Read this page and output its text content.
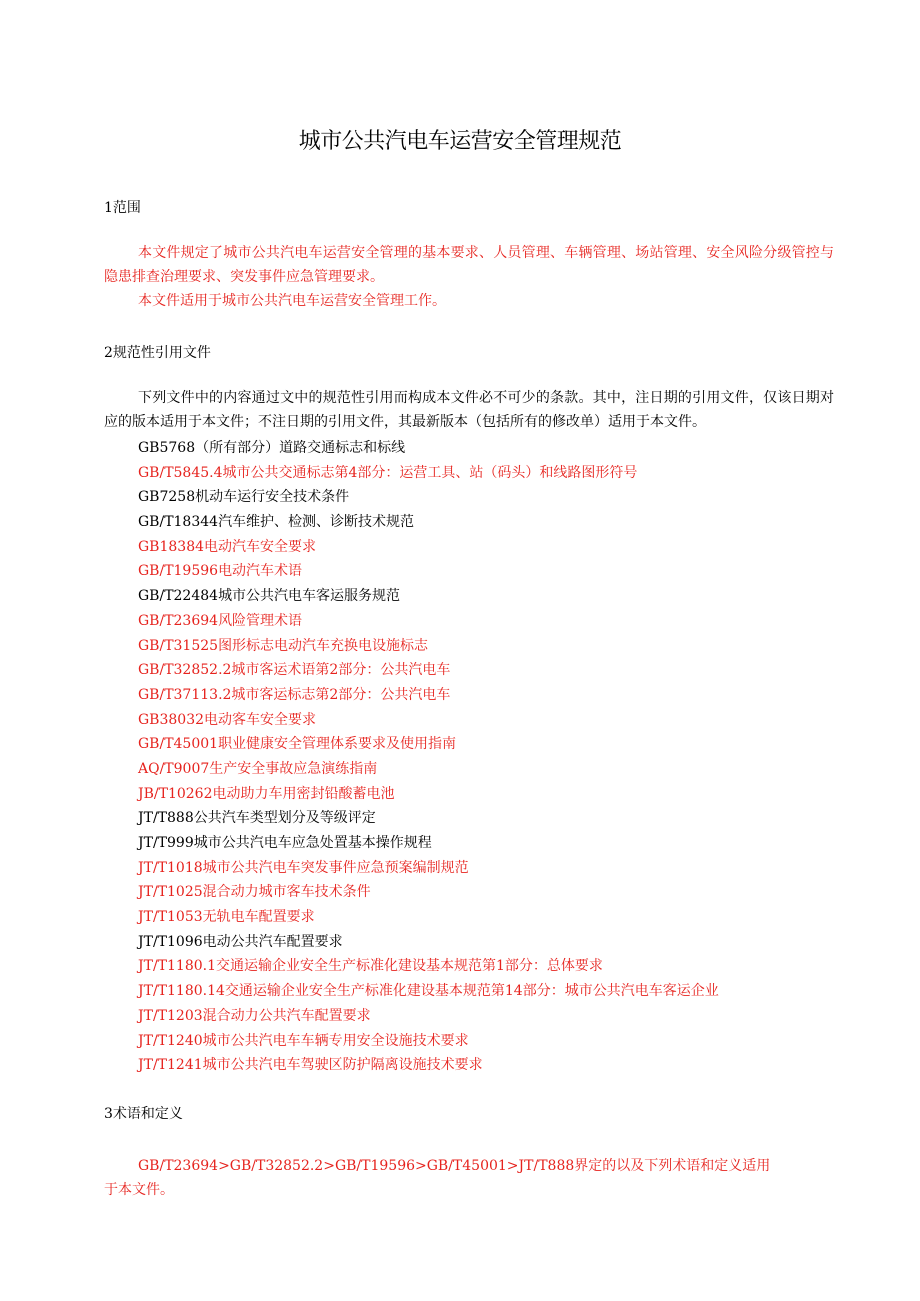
城市公共汽电车运营安全管理规范
1范围
本文件规定了城市公共汽电车运营安全管理的基本要求、人员管理、车辆管理、场站管理、安全风险分级管控与隐患排查治理要求、突发事件应急管理要求。
本文件适用于城市公共汽电车运营安全管理工作。
2规范性引用文件
下列文件中的内容通过文中的规范性引用而构成本文件必不可少的条款。其中，注日期的引用文件，仅该日期对应的版本适用于本文件；不注日期的引用文件，其最新版本（包括所有的修改单）适用于本文件。
GB5768（所有部分）道路交通标志和标线
GB/T5845.4城市公共交通标志第4部分：运营工具、站（码头）和线路图形符号
GB7258机动车运行安全技术条件
GB/T18344汽车维护、检测、诊断技术规范
GB18384电动汽车安全要求
GB/T19596电动汽车术语
GB/T22484城市公共汽电车客运服务规范
GB/T23694风险管理术语
GB/T31525图形标志电动汽车充换电设施标志
GB/T32852.2城市客运术语第2部分：公共汽电车
GB/T37113.2城市客运标志第2部分：公共汽电车
GB38032电动客车安全要求
GB/T45001职业健康安全管理体系要求及使用指南
AQ/T9007生产安全事故应急演练指南
JB/T10262电动助力车用密封铅酸蓄电池
JT/T888公共汽车类型划分及等级评定
JT/T999城市公共汽电车应急处置基本操作规程
JT/T1018城市公共汽电车突发事件应急预案编制规范
JT/T1025混合动力城市客车技术条件
JT/T1053无轨电车配置要求
JT/T1096电动公共汽车配置要求
JT/T1180.1交通运输企业安全生产标准化建设基本规范第1部分：总体要求
JT/T1180.14交通运输企业安全生产标准化建设基本规范第14部分：城市公共汽电车客运企业
JT/T1203混合动力公共汽车配置要求
JT/T1240城市公共汽电车车辆专用安全设施技术要求
JT/T1241城市公共汽电车驾驶区防护隔离设施技术要求
3术语和定义
GB/T23694>GB/T32852.2>GB/T19596>GB/T45001>JT/T888界定的以及下列术语和定义适用
于本文件。
